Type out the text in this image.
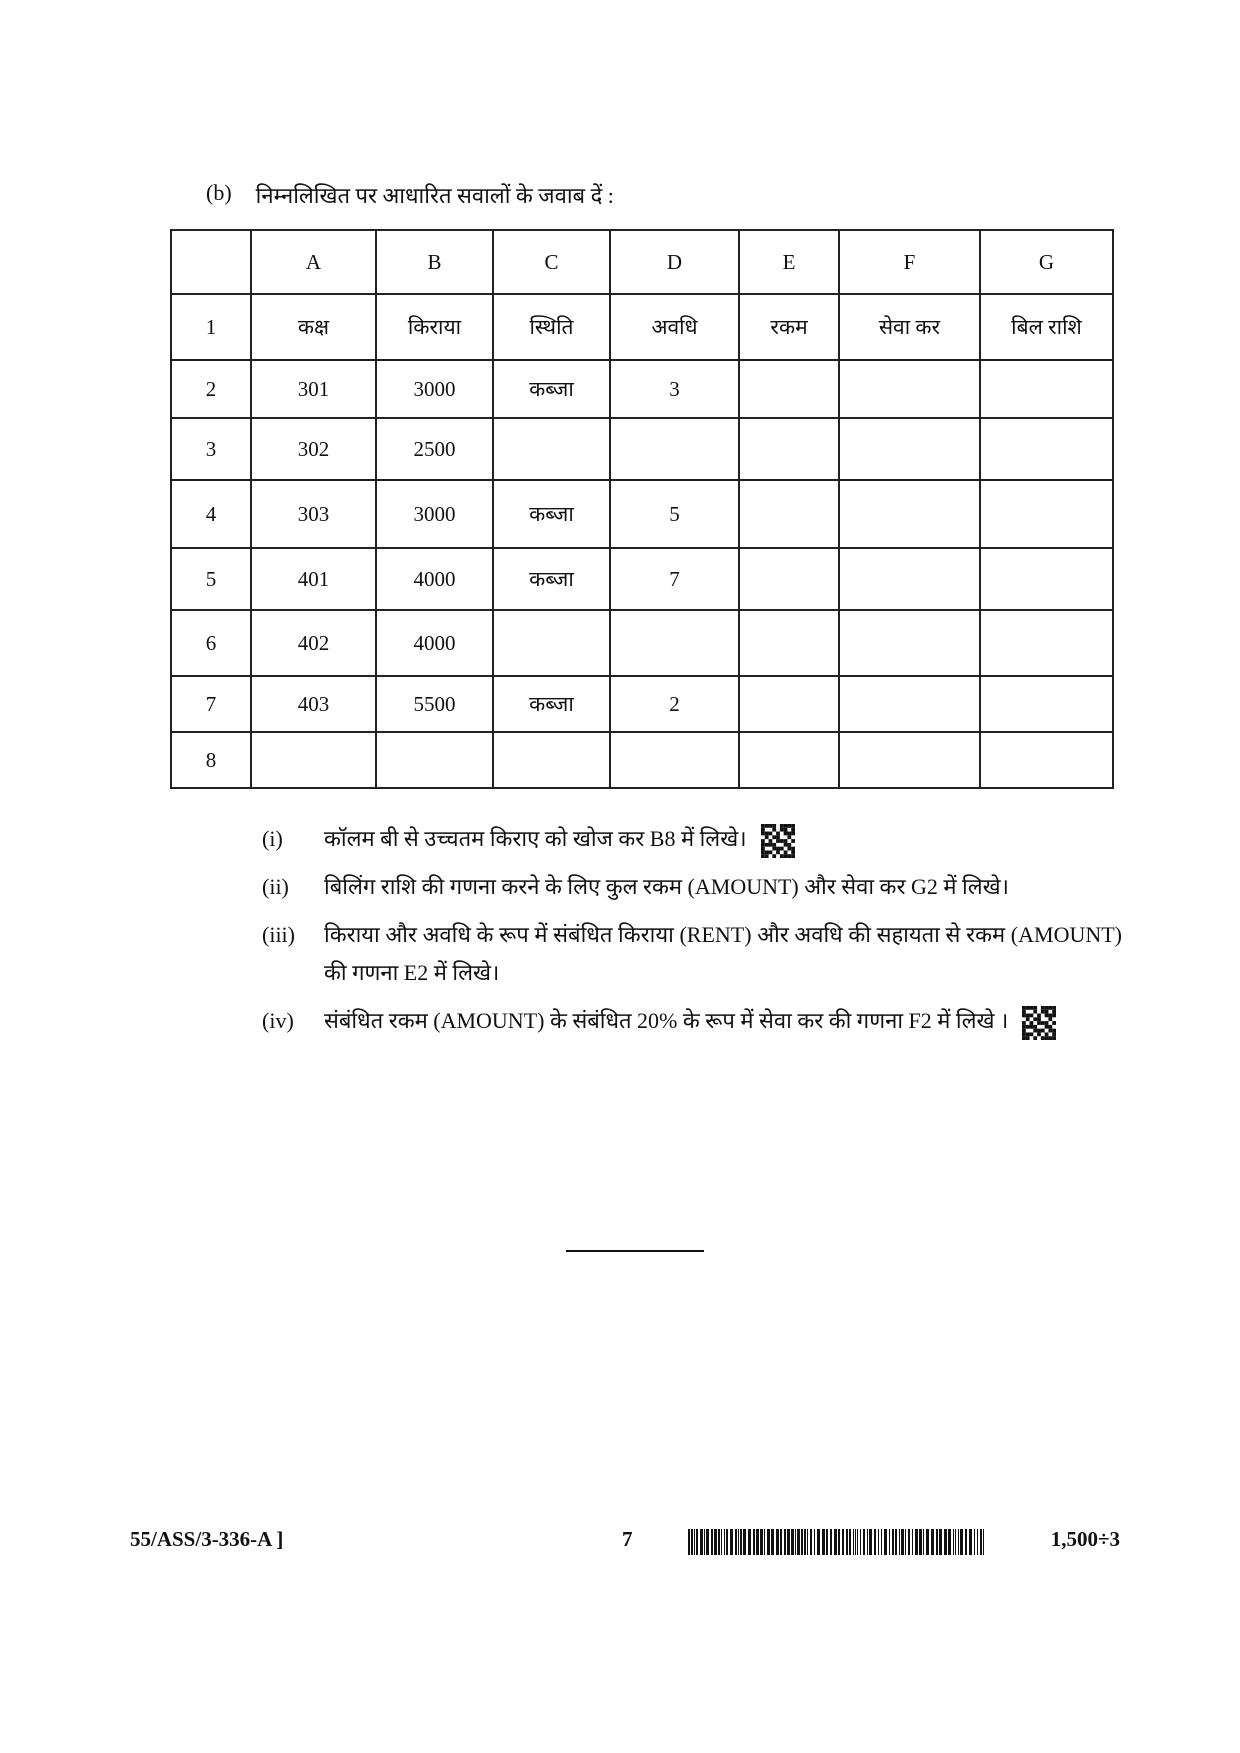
(b) निम्नलिखित पर आधारित सवालों के जवाब दें :
	A	B	C	D	E	F	G
1	कक्ष	किराया	स्थिति	अवधि	रकम	सेवा कर	बिल राशि
2	301	3000	कब्जा	3			
3	302	2500					
4	303	3000	कब्जा	5			
5	401	4000	कब्जा	7			
6	402	4000					
7	403	5500	कब्जा	2			
8							
(i)	कॉलम बी से उच्चतम किराए को खोज कर B8 में लिखे।
(ii)	बिलिंग राशि की गणना करने के लिए कुल रकम (AMOUNT) और सेवा कर G2 में लिखे।
(iii)	किराया और अवधि के रूप में संबंधित किराया (RENT) और अवधि की सहायता से रकम (AMOUNT) की गणना E2 में लिखे।
(iv)	संबंधित रकम (AMOUNT) के संबंधित 20% के रूप में सेवा कर की गणना F2 में लिखे ।
55/ASS/3-336-A ]	7	1,500÷3
